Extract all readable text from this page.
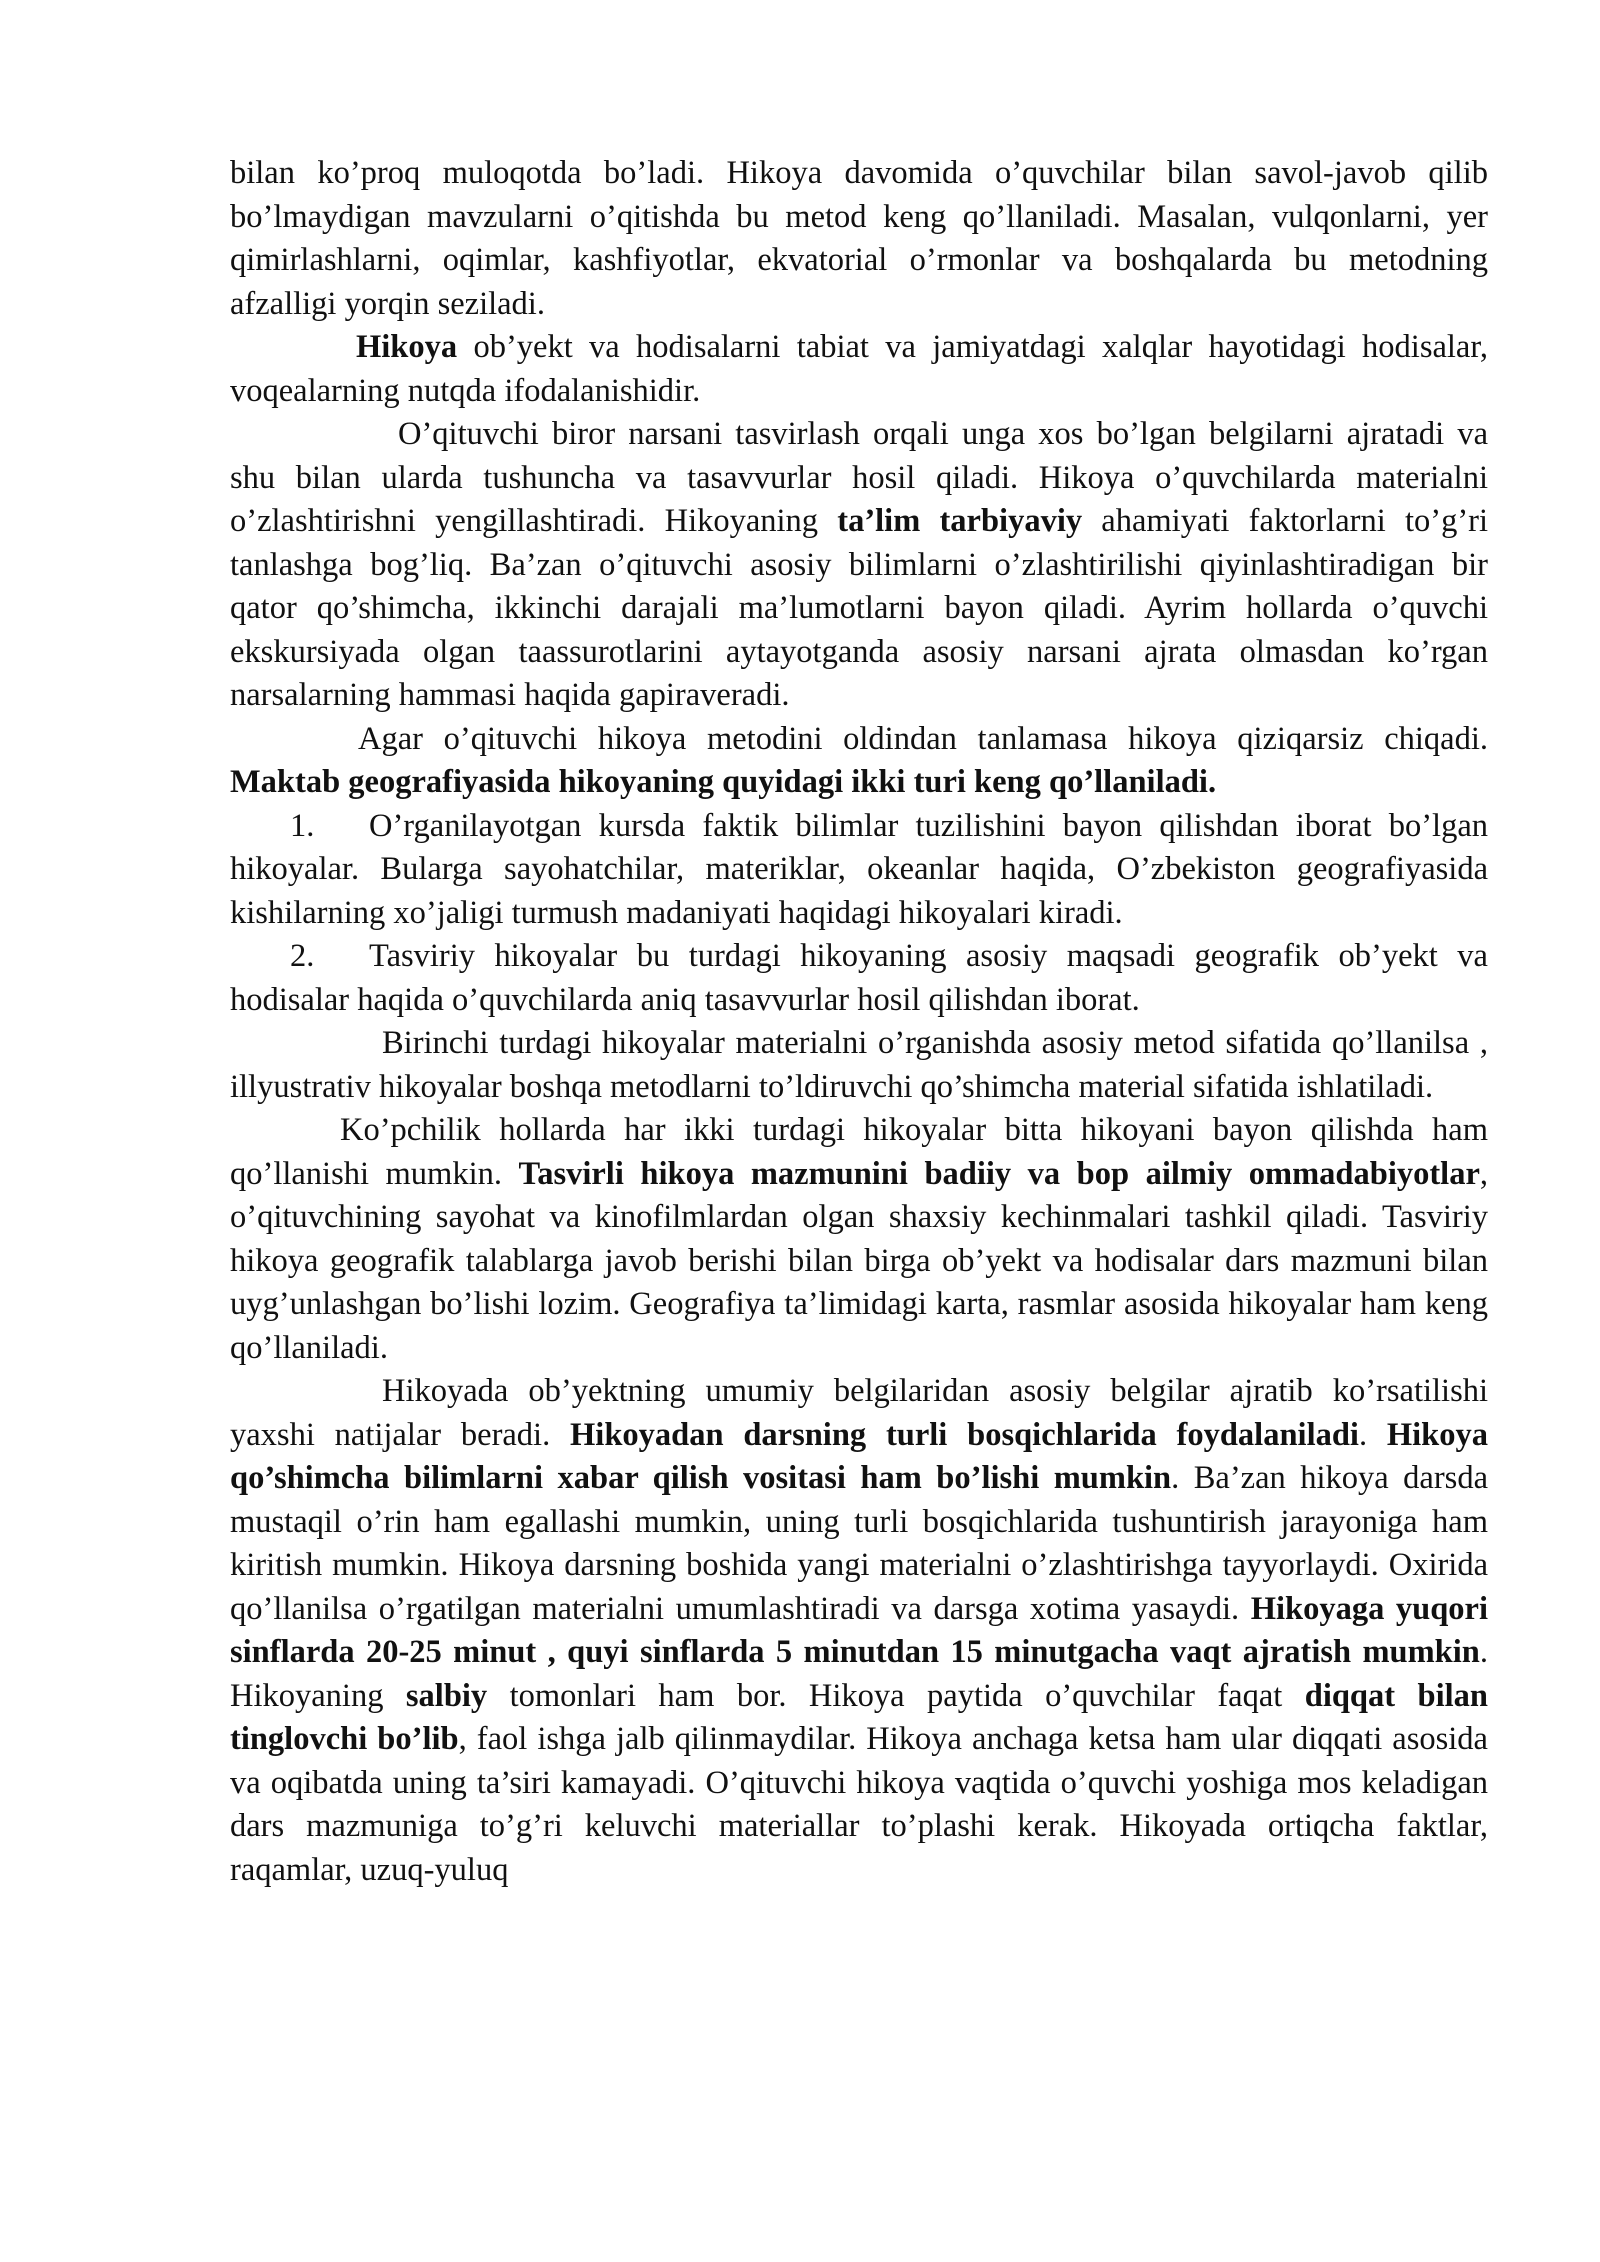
bilan ko’proq muloqotda bo’ladi. Hikoya davomida o’quvchilar bilan savol-javob qilib bo’lmaydigan mavzularni o’qitishda bu metod keng qo’llaniladi. Masalan, vulqonlarni, yer qimirlashlarni, oqimlar, kashfiyotlar, ekvatorial o’rmonlar va boshqalarda bu metodning afzalligi yorqin seziladi.

Hikoya ob’yekt va hodisalarni tabiat va jamiyatdagi xalqlar hayotidagi hodisalar, voqealarning nutqda ifodalanishidir.

O’qituvchi biror narsani tasvirlash orqali unga xos bo’lgan belgilarni ajratadi va shu bilan ularda tushuncha va tasavvurlar hosil qiladi. Hikoya o’quvchilarda materialni o’zlashtirishni yengillashtiradi. Hikoyaning ta’lim tarbiyaviy ahamiyati faktorlarni to’g’ri tanlashga bog’liq. Ba’zan o’qituvchi asosiy bilimlarni o’zlashtirilishi qiyinlashtiradigan bir qator qo’shimcha, ikkinchi darajali ma’lumotlarni bayon qiladi. Ayrim hollarda o’quvchi ekskursiyada olgan taassurotlarini aytayotganda asosiy narsani ajrata olmasdan ko’rgan narsalarning hammasi haqida gapiraveradi.

Agar o’qituvchi hikoya metodini oldindan tanlamasa hikoya qiziqarsiz chiqadi. Maktab geografiyasida hikoyaning quyidagi ikki turi keng qo’llaniladi.

1. O’rganilayotgan kursda faktik bilimlar tuzilishini bayon qilishdan iborat bo’lgan hikoyalar. Bularga sayohatchilar, materiklar, okeanlar haqida, O’zbekiston geografiyasida kishilarning xo’jaligi turmush madaniyati haqidagi hikoyalari kiradi.

2. Tasviriy hikoyalar bu turdagi hikoyaning asosiy maqsadi geografik ob’yekt va hodisalar haqida o’quvchilarda aniq tasavvurlar hosil qilishdan iborat.

Birinchi turdagi hikoyalar materialni o’rganishda asosiy metod sifatida qo’llanilsa , illyustrativ hikoyalar boshqa metodlarni to’ldiruvchi qo’shimcha material sifatida ishlatiladi.

Ko’pchilik hollarda har ikki turdagi hikoyalar bitta hikoyani bayon qilishda ham qo’llanishi mumkin. Tasvirli hikoya mazmunini badiiy va bop ailmiy ommadabiyotlar, o’qituvchining sayohat va kinofilmlardan olgan shaxsiy kechinmalari tashkil qiladi. Tasviriy hikoya geografik talablarga javob berishi bilan birga ob’yekt va hodisalar dars mazmuni bilan uyg’unlashgan bo’lishi lozim. Geografiya ta’limidagi karta, rasmlar asosida hikoyalar ham keng qo’llaniladi.

Hikoyada ob’yektning umumiy belgilaridan asosiy belgilar ajratib ko’rsatilishi yaxshi natijalar beradi. Hikoyadan darsning turli bosqichlarida foydalaniladi. Hikoya qo’shimcha bilimlarni xabar qilish vositasi ham bo’lishi mumkin. Ba’zan hikoya darsda mustaqil o’rin ham egallashi mumkin, uning turli bosqichlarida tushuntirish jarayoniga ham kiritish mumkin. Hikoya darsning boshida yangi materialni o’zlashtirishga tayyorlaydi. Oxirida qo’llanilsa o’rgatilgan materialni umumlashtiradi va darsga xotima yasaydi. Hikoyaga yuqori sinflarda 20-25 minut , quyi sinflarda 5 minutdan 15 minutgacha vaqt ajratish mumkin. Hikoyaning salbiy tomonlari ham bor. Hikoya paytida o’quvchilar faqat diqqat bilan tinglovchi bo’lib, faol ishga jalb qilinmaydilar. Hikoya anchaga ketsa ham ular diqqati asosida va oqibatda uning ta’siri kamayadi. O’qituvchi hikoya vaqtida o’quvchi yoshiga mos keladigan dars mazmuniga to’g’ri keluvchi materiallar to’plashi kerak. Hikoyada ortiqcha faktlar, raqamlar, uzuq-yuluq
